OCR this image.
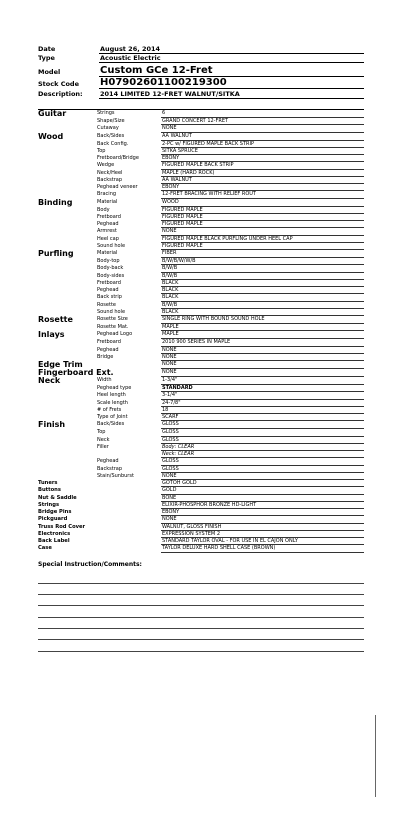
Date	August 26, 2014
Type	Acoustic Electric
Model	Custom GCe 12-Fret
Stock Code	H07902601100219300
Description:	2014 LIMITED 12-FRET WALNUT/SITKA
Guitar	Strings	6
Shape/Size	GRAND CONCERT 12-FRET
Cutaway	NONE
Wood	Back/Sides	AA WALNUT
Back Config.	2-PC w/ FIGURED MAPLE BACK STRIP
Top	SITKA SPRUCE
Fretboard/Bridge	EBONY
Wedge	FIGURED MAPLE BACK STRIP
Neck/Heel	MAPLE (HARD ROCK)
Backstrap	AA WALNUT
Peghead veneer	EBONY
Bracing	12-FRET BRACING WITH RELIEF ROUT
Binding	Material	WOOD
Body	FIGURED MAPLE
Fretboard	FIGURED MAPLE
Peghead	FIGURED MAPLE
Armrest	NONE
Heel cap	FIGURED MAPLE BLACK PURFLING UNDER HEEL CAP
Sound hole	FIGURED MAPLE
Purfling	Material	FIBER
Body-top	B/W/B/W/W/B
Body-back	B/W/B
Body-sides	B/W/B
Fretboard	BLACK
Peghead	BLACK
Back strip	BLACK
Rosette	B/W/B
Sound hole	BLACK
Rosette	Rosette Size	SINGLE RING WITH BOUND SOUND HOLE
Rosette Mat.	MAPLE
Inlays	Peghead Logo	MAPLE
Fretboard	2010 900 SERIES IN MAPLE
Peghead	NONE
Bridge	NONE
Edge Trim	NONE
Fingerboard Ext.	NONE
Neck	Width	1-3/4"
Peghead type	STANDARD
Heel length	3-1/4"
Scale length	24-7/8"
# of Frets	18
Type of Joint	SCARF
Finish	Back/Sides	GLOSS
Top	GLOSS
Neck	GLOSS
Filler	Body: CLEAR
Neck: CLEAR
Peghead	GLOSS
Backstrap	GLOSS
Stain/Sunburst	NONE
Tuners	GOTOH GOLD
Buttons	GOLD
Nut & Saddle	BONE
Strings	ELIXIR-PHOSPHOR BRONZE HD-LIGHT
Bridge Pins	EBONY
Pickguard	NONE
Truss Rod Cover	WALNUT, GLOSS FINISH
Electronics	EXPRESSION SYSTEM 2
Back Label	STANDARD TAYLOR OVAL - FOR USE IN EL CAJON ONLY
Case	TAYLOR DELUXE HARD SHELL CASE (BROWN)
Special Instruction/Comments:
